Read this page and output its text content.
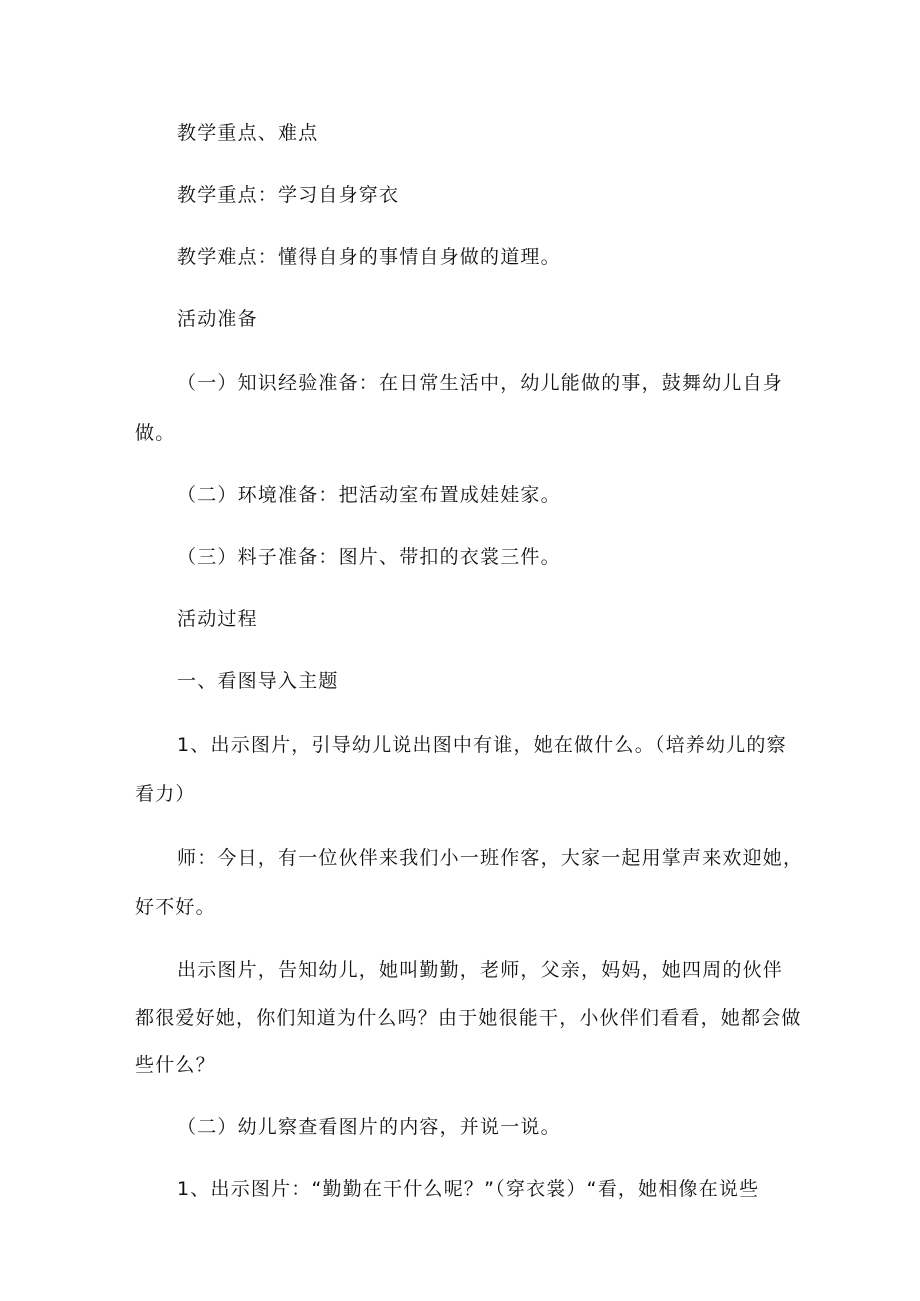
教学重点、难点
教学重点：学习自身穿衣
教学难点：懂得自身的事情自身做的道理。
活动准备
（一）知识经验准备：在日常生活中，幼儿能做的事，鼓舞幼儿自身
做。
（二）环境准备：把活动室布置成娃娃家。
（三）料子准备：图片、带扣的衣裳三件。
活动过程
一、看图导入主题
1、出示图片，引导幼儿说出图中有谁，她在做什么。（培养幼儿的察
看力）
师：今日，有一位伙伴来我们小一班作客，大家一起用掌声来欢迎她，
好不好。
出示图片，告知幼儿，她叫勤勤，老师，父亲，妈妈，她四周的伙伴
都很爱好她，你们知道为什么吗？由于她很能干，小伙伴们看看，她都会做
些什么？
（二）幼儿察查看图片的内容，并说一说。
1、出示图片：“勤勤在干什么呢？”（穿衣裳）“看，她相像在说些
